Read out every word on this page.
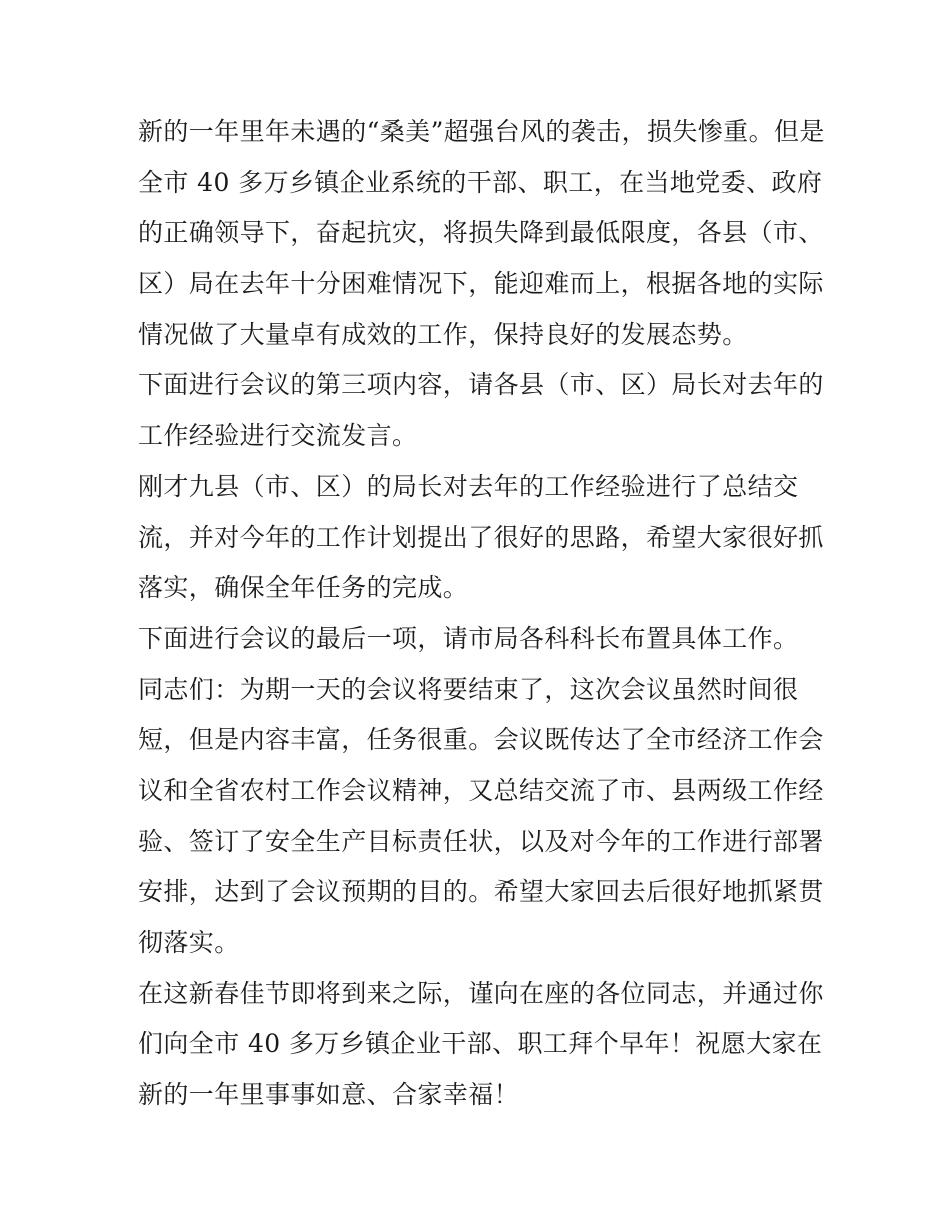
新的一年里年未遇的“桑美”超强台风的袭击，损失惨重。但是
全市 40 多万乡镇企业系统的干部、职工，在当地党委、政府
的正确领导下，奋起抗灾，将损失降到最低限度，各县（市、
区）局在去年十分困难情况下，能迎难而上，根据各地的实际
情况做了大量卓有成效的工作，保持良好的发展态势。
下面进行会议的第三项内容，请各县（市、区）局长对去年的
工作经验进行交流发言。
刚才九县（市、区）的局长对去年的工作经验进行了总结交
流，并对今年的工作计划提出了很好的思路，希望大家很好抓
落实，确保全年任务的完成。
下面进行会议的最后一项，请市局各科科长布置具体工作。
同志们：为期一天的会议将要结束了，这次会议虽然时间很
短，但是内容丰富，任务很重。会议既传达了全市经济工作会
议和全省农村工作会议精神，又总结交流了市、县两级工作经
验、签订了安全生产目标责任状，以及对今年的工作进行部署
安排，达到了会议预期的目的。希望大家回去后很好地抓紧贯
彻落实。
在这新春佳节即将到来之际，谨向在座的各位同志，并通过你
们向全市 40 多万乡镇企业干部、职工拜个早年！祝愿大家在
新的一年里事事如意、合家幸福！
